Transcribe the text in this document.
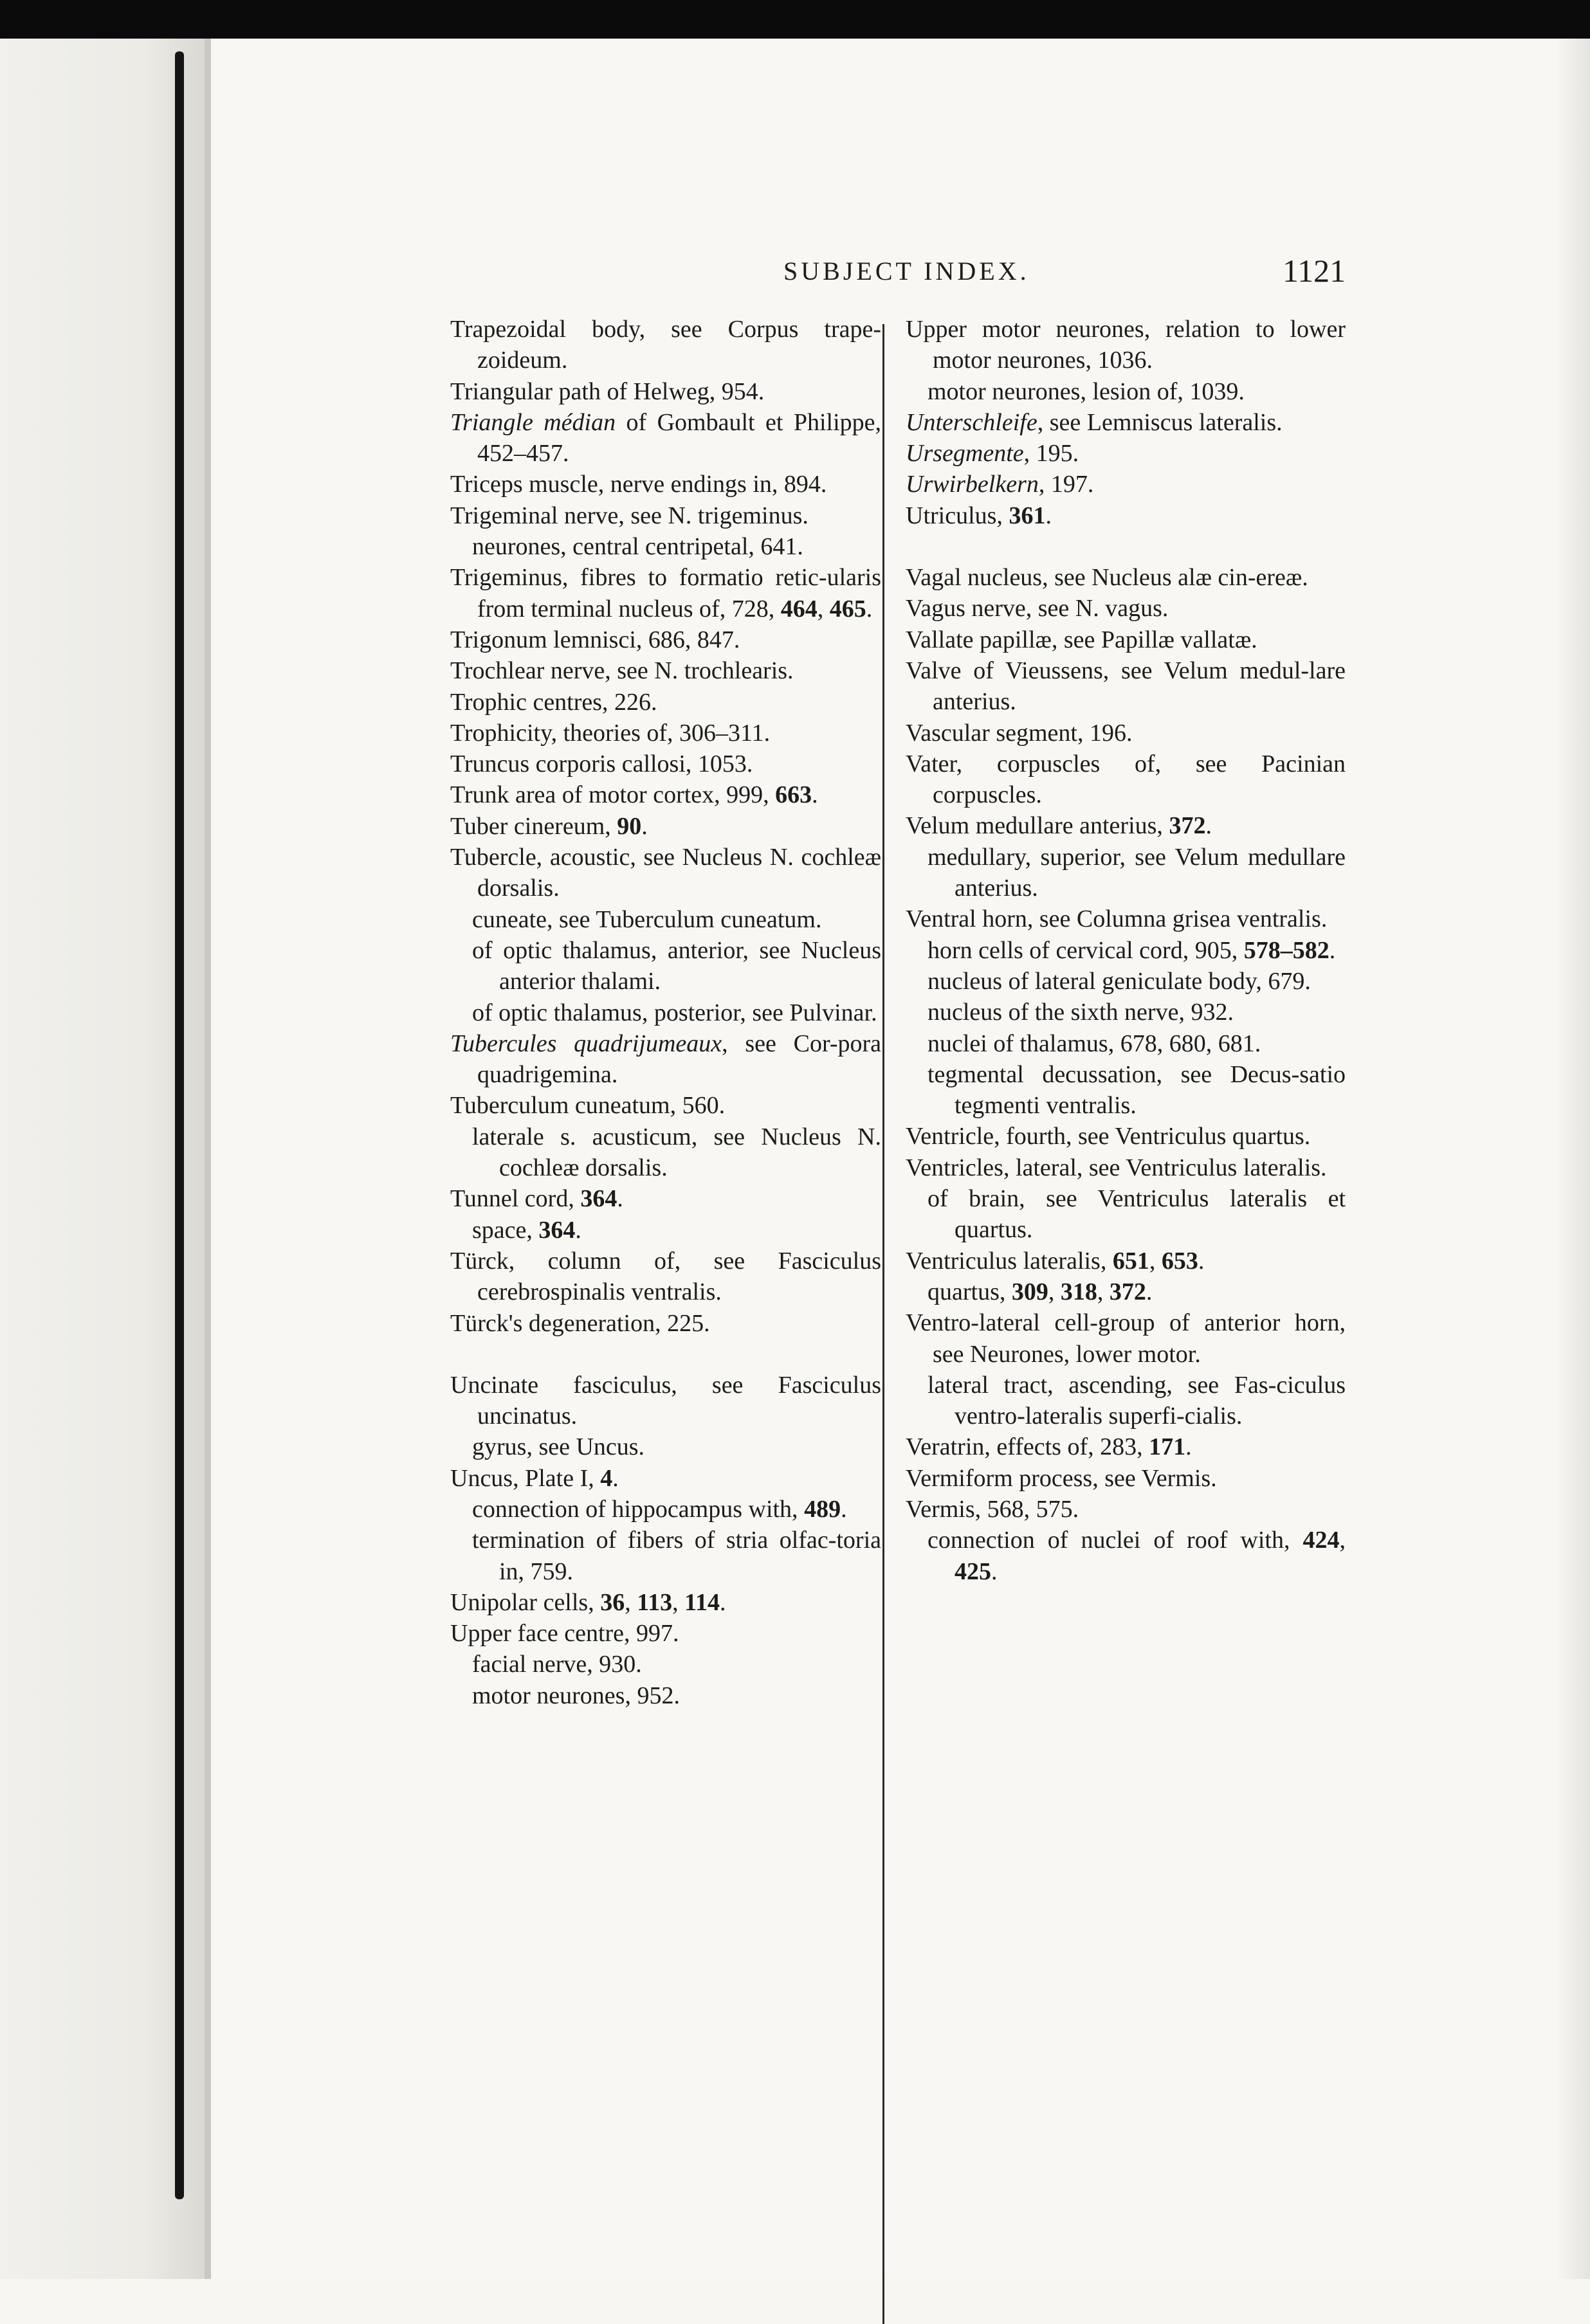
SUBJECT INDEX.	1121
Trapezoidal body, see Corpus trape-zoideum.
Triangular path of Helweg, 954.
Triangle médian of Gombault et Philippe, 452–457.
Triceps muscle, nerve endings in, 894.
Trigeminal nerve, see N. trigeminus.
neurones, central centripetal, 641.
Trigeminus, fibres to formatio retic-ularis from terminal nucleus of, 728, 464, 465.
Trigonum lemnisci, 686, 847.
Trochlear nerve, see N. trochlearis.
Trophic centres, 226.
Trophicity, theories of, 306–311.
Truncus corporis callosi, 1053.
Trunk area of motor cortex, 999, 663.
Tuber cinereum, 90.
Tubercle, acoustic, see Nucleus N. cochleæ dorsalis.
cuneate, see Tuberculum cuneatum.
of optic thalamus, anterior, see Nucleus anterior thalami.
of optic thalamus, posterior, see Pulvinar.
Tubercules quadrijumeaux, see Cor-pora quadrigemina.
Tuberculum cuneatum, 560.
laterale s. acusticum, see Nucleus N. cochleæ dorsalis.
Tunnel cord, 364.
space, 364.
Türck, column of, see Fasciculus cerebrospinalis ventralis.
Türck's degeneration, 225.
Uncinate fasciculus, see Fasciculus uncinatus.
gyrus, see Uncus.
Uncus, Plate I, 4.
connection of hippocampus with, 489.
termination of fibers of stria olfac-toria in, 759.
Unipolar cells, 36, 113, 114.
Upper face centre, 997.
facial nerve, 930.
motor neurones, 952.
Upper motor neurones, relation to lower motor neurones, 1036.
motor neurones, lesion of, 1039.
Unterschleife, see Lemniscus lateralis.
Ursegmente, 195.
Urwirbelkern, 197.
Utriculus, 361.
Vagal nucleus, see Nucleus alæ cin-ereæ.
Vagus nerve, see N. vagus.
Vallate papillæ, see Papillæ vallatæ.
Valve of Vieussens, see Velum medul-lare anterius.
Vascular segment, 196.
Vater, corpuscles of, see Pacinian corpuscles.
Velum medullare anterius, 372.
medullary, superior, see Velum medullare anterius.
Ventral horn, see Columna grisea ventralis.
horn cells of cervical cord, 905, 578–582.
nucleus of lateral geniculate body, 679.
nucleus of the sixth nerve, 932.
nuclei of thalamus, 678, 680, 681.
tegmental decussation, see Decus-satio tegmenti ventralis.
Ventricle, fourth, see Ventriculus quartus.
Ventricles, lateral, see Ventriculus lateralis.
of brain, see Ventriculus lateralis et quartus.
Ventriculus lateralis, 651, 653.
quartus, 309, 318, 372.
Ventro-lateral cell-group of anterior horn, see Neurones, lower motor.
lateral tract, ascending, see Fas-ciculus ventro-lateralis superfi-cialis.
Veratrin, effects of, 283, 171.
Vermiform process, see Vermis.
Vermis, 568, 575.
connection of nuclei of roof with, 424, 425.
